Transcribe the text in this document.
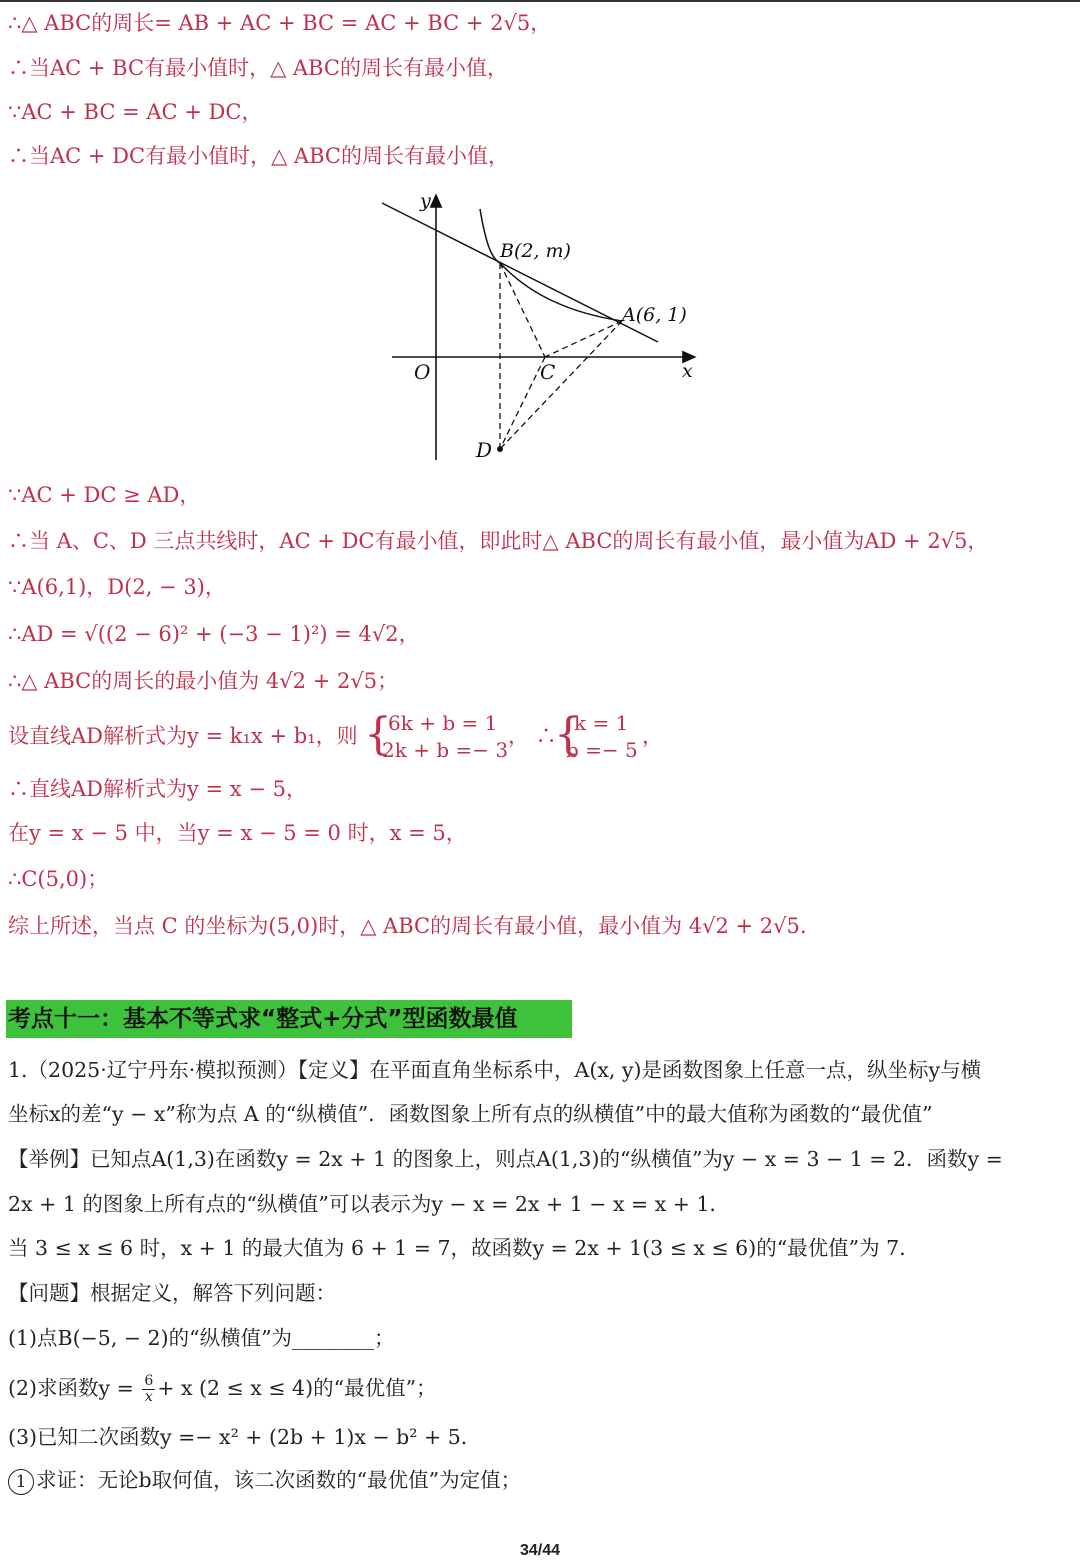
∴△ ABC的周长= AB + AC + BC = AC + BC + 2√5，
∴当AC + BC有最小值时，△ ABC的周长有最小值，
∵AC + BC = AC + DC，
∴当AC + DC有最小值时，△ ABC的周长有最小值，
y
x
O
B(2, m)
A(6, 1)
C
D
∵AC + DC ≥ AD，
∴当 A、C、D 三点共线时，AC + DC有最小值，即此时△ ABC的周长有最小值，最小值为AD + 2√5，
∵A(6,1)，D(2, − 3)，
∴AD = √((2 − 6)² + (−3 − 1)²) = 4√2，
∴△ ABC的周长的最小值为 4√2 + 2√5；
设直线AD解析式为y = k₁x + b₁，则 {
6k + b = 1
2k + b =− 3
， ∴
{
k = 1
b =− 5
，
∴直线AD解析式为y = x − 5，
在y = x − 5 中，当y = x − 5 = 0 时，x = 5，
∴C(5,0)；
综上所述，当点 C 的坐标为(5,0)时，△ ABC的周长有最小值，最小值为 4√2 + 2√5.
考点十一：基本不等式求“整式+分式”型函数最值
1.（2025·辽宁丹东·模拟预测）【定义】在平面直角坐标系中，A(x, y)是函数图象上任意一点，纵坐标y与横
坐标x的差“y − x”称为点 A 的“纵横值”．函数图象上所有点的纵横值”中的最大值称为函数的“最优值”
【举例】已知点A(1,3)在函数y = 2x + 1 的图象上，则点A(1,3)的“纵横值”为y − x = 3 − 1 = 2．函数y =
2x + 1 的图象上所有点的“纵横值”可以表示为y − x = 2x + 1 − x = x + 1．
当 3 ≤ x ≤ 6 时，x + 1 的最大值为 6 + 1 = 7，故函数y = 2x + 1(3 ≤ x ≤ 6)的“最优值”为 7．
【问题】根据定义，解答下列问题：
(1)点B(−5, − 2)的“纵横值”为________；
(2)求函数$y = \frac{6}{x} + x$ (2 ≤ x ≤ 4)的“最优值”；
(3)已知二次函数y =− x² + (2b + 1)x − b² + 5．
1 求证：无论b取何值，该二次函数的“最优值”为定值；
34/44
